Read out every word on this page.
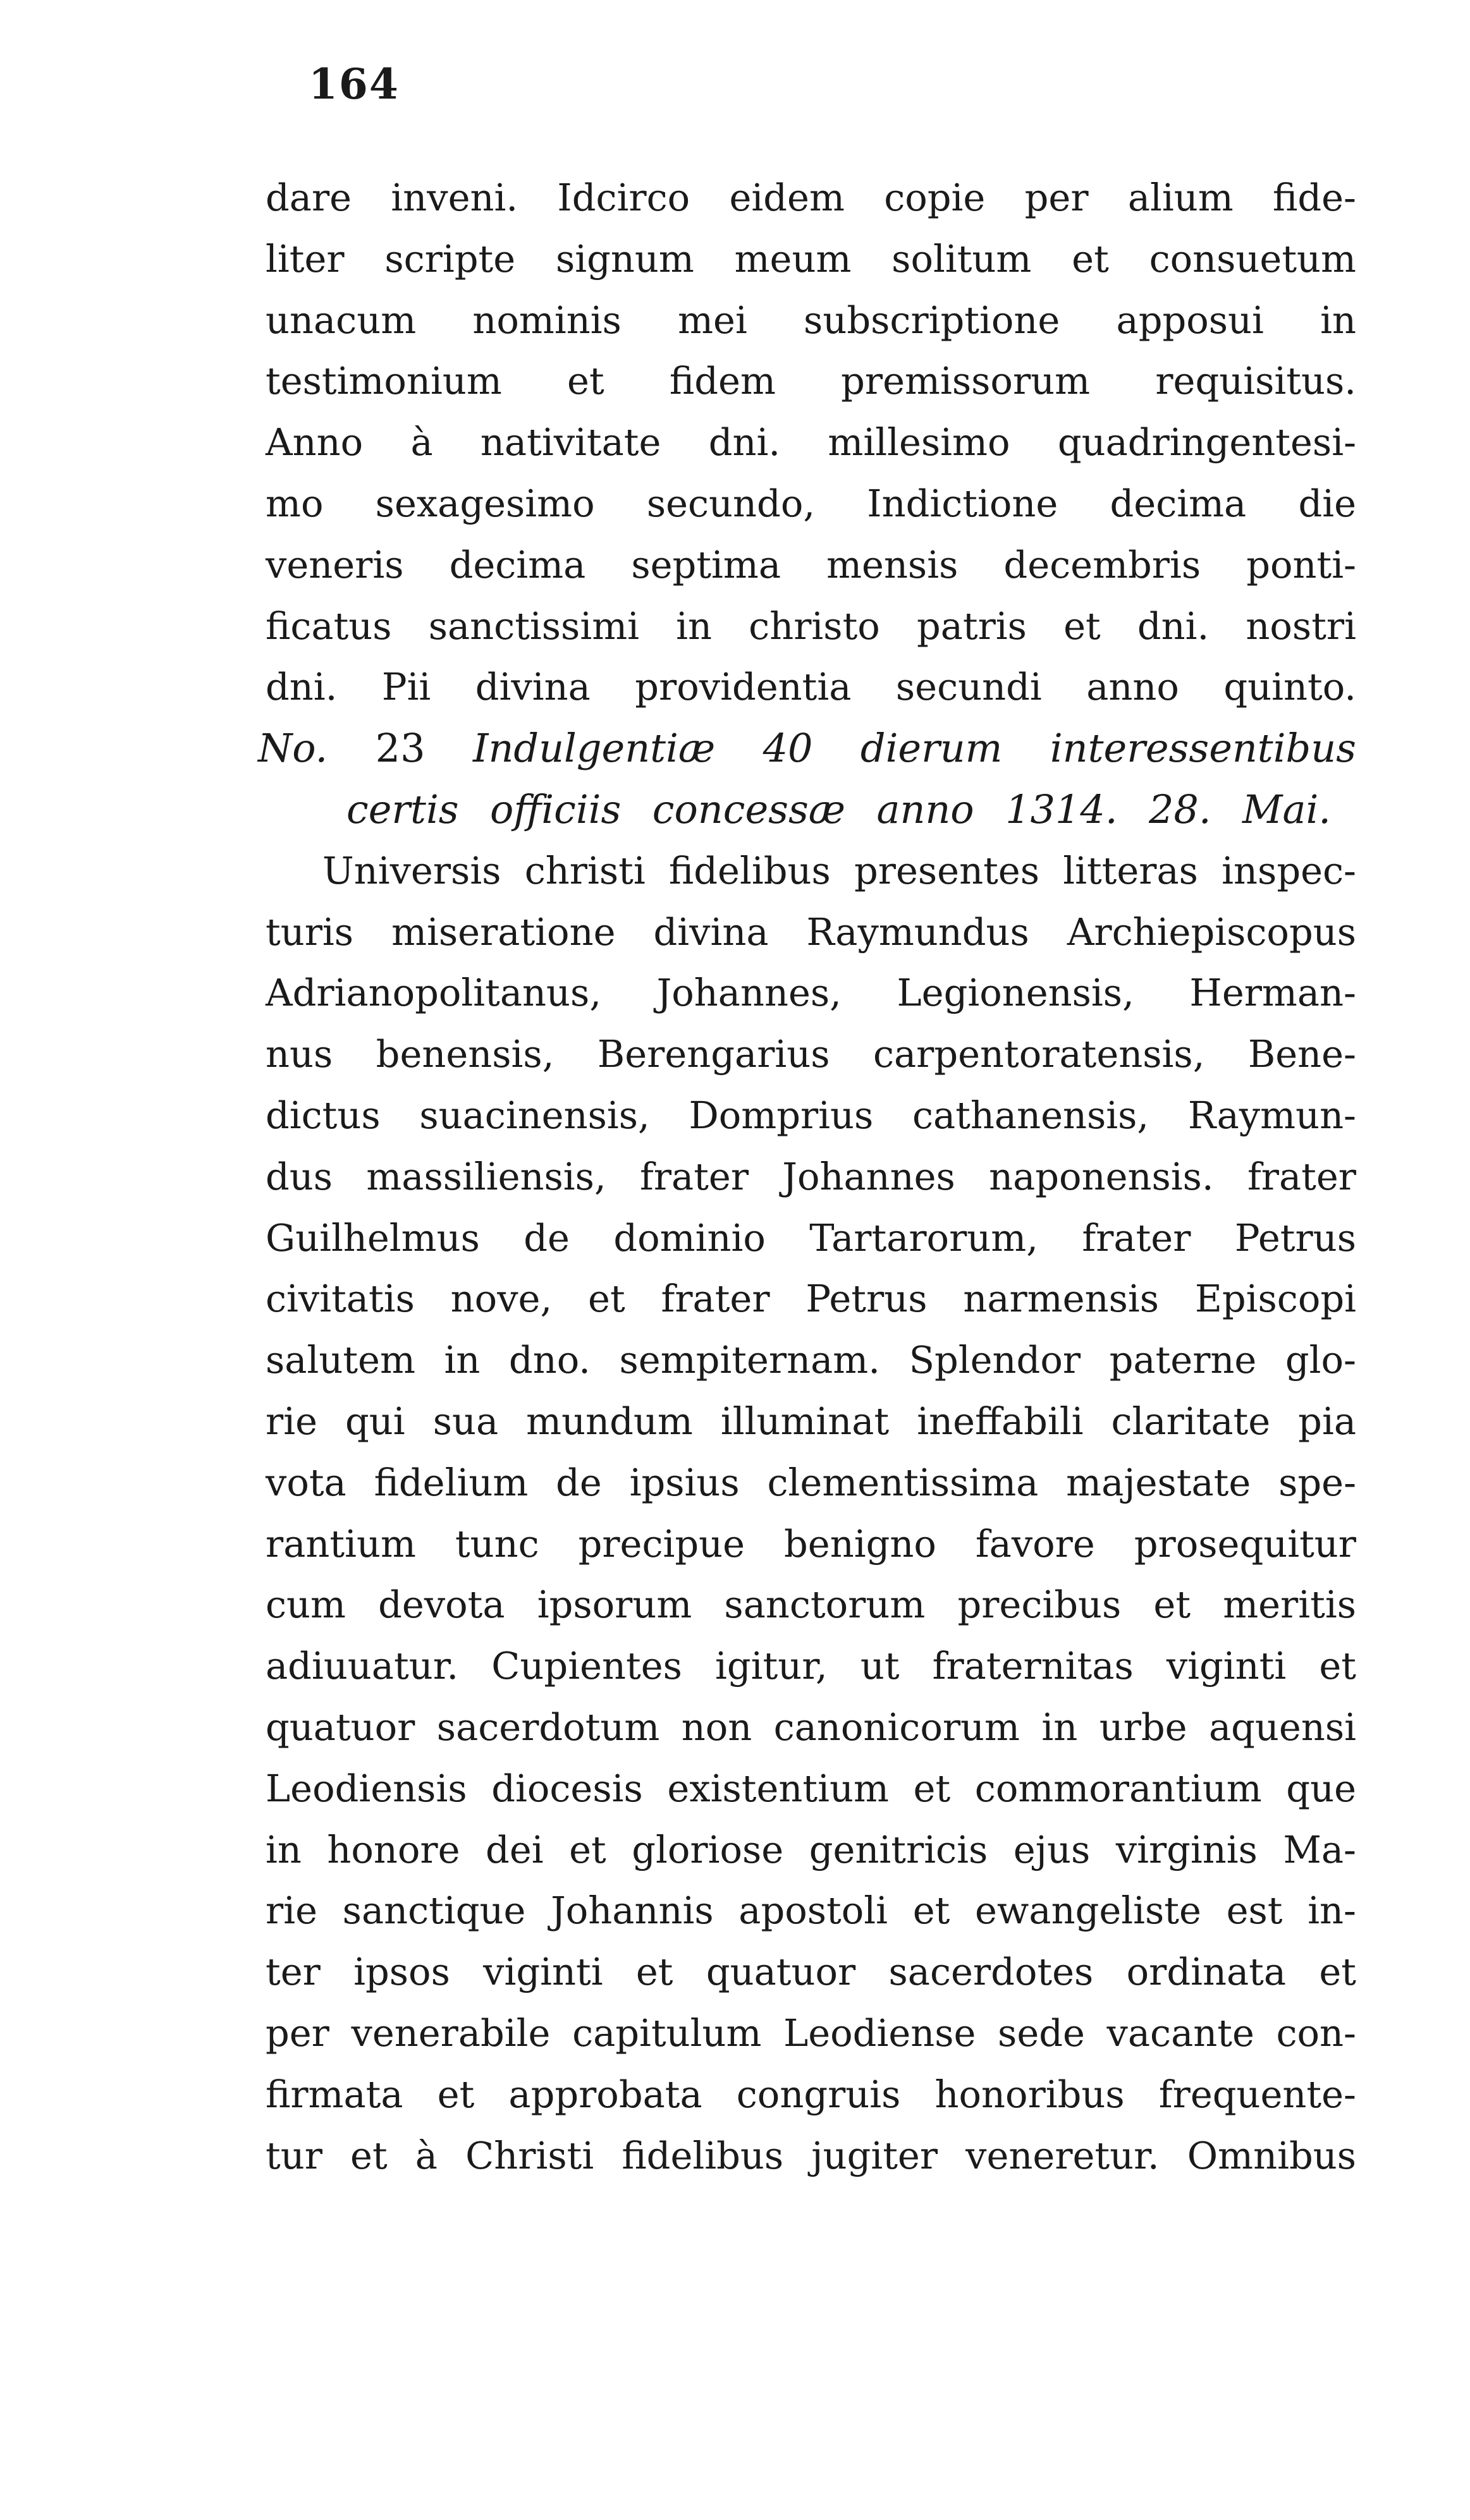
164
dare inveni. Idcirco eidem copie per alium fide-
liter scripte signum meum solitum et consuetum
unacum nominis mei subscriptione apposui in
testimonium et fidem premissorum requisitus.
Anno à nativitate dni. millesimo quadringentesi-
mo sexagesimo secundo, Indictione decima die
veneris decima septima mensis decembris ponti-
ficatus sanctissimi in christo patris et dni. nostri
dni. Pii divina providentia secundi anno quinto.
No. 23 Indulgentiæ 40 dierum interessentibus
certis officiis concessæ anno 1314. 28. Mai.
Universis christi fidelibus presentes litteras inspec-
turis miseratione divina Raymundus Archiepiscopus
Adrianopolitanus, Johannes, Legionensis, Herman-
nus benensis, Berengarius carpentoratensis, Bene-
dictus suacinensis, Domprius cathanensis, Raymun-
dus massiliensis, frater Johannes naponensis. frater
Guilhelmus de dominio Tartarorum, frater Petrus
civitatis nove, et frater Petrus narmensis Episcopi
salutem in dno. sempiternam. Splendor paterne glo-
rie qui sua mundum illuminat ineffabili claritate pia
vota fidelium de ipsius clementissima majestate spe-
rantium tunc precipue benigno favore prosequitur
cum devota ipsorum sanctorum precibus et meritis
adiuuatur. Cupientes igitur, ut fraternitas viginti et
quatuor sacerdotum non canonicorum in urbe aquensi
Leodiensis diocesis existentium et commorantium que
in honore dei et gloriose genitricis ejus virginis Ma-
rie sanctique Johannis apostoli et ewangeliste est in-
ter ipsos viginti et quatuor sacerdotes ordinata et
per venerabile capitulum Leodiense sede vacante con-
firmata et approbata congruis honoribus frequente-
tur et à Christi fidelibus jugiter veneretur. Omnibus
